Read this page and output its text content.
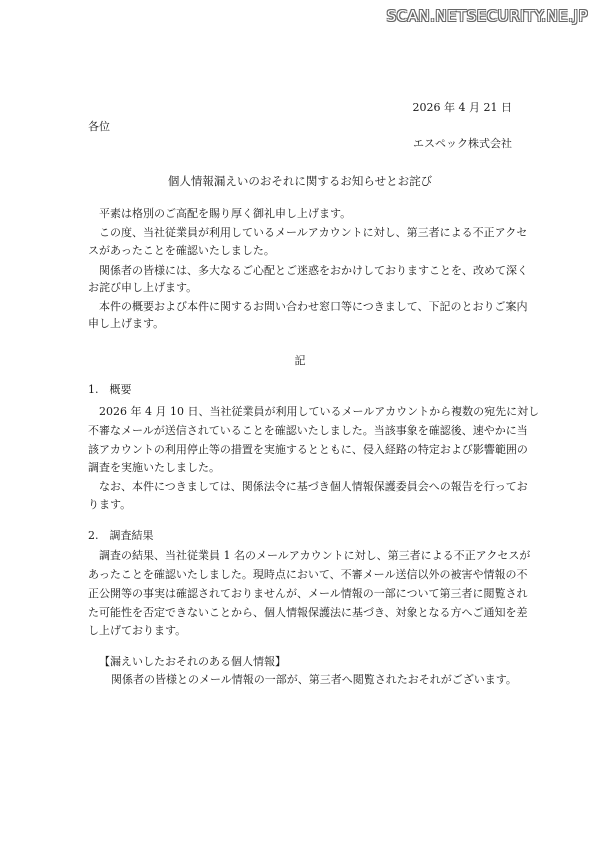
SCAN.NETSECURITY.NE.JP
2026 年 4 月 21 日
各位
エスペック株式会社
個人情報漏えいのおそれに関するお知らせとお詫び
平素は格別のご高配を賜り厚く御礼申し上げます。
この度、当社従業員が利用しているメールアカウントに対し、第三者による不正アクセ
スがあったことを確認いたしました。
関係者の皆様には、多大なるご心配とご迷惑をおかけしておりますことを、改めて深く
お詫び申し上げます。
本件の概要および本件に関するお問い合わせ窓口等につきまして、下記のとおりご案内
申し上げます。
記
1.　概要
2026 年 4 月 10 日、当社従業員が利用しているメールアカウントから複数の宛先に対し
不審なメールが送信されていることを確認いたしました。当該事象を確認後、速やかに当
該アカウントの利用停止等の措置を実施するとともに、侵入経路の特定および影響範囲の
調査を実施いたしました。
なお、本件につきましては、関係法令に基づき個人情報保護委員会への報告を行ってお
ります。
2.　調査結果
調査の結果、当社従業員 1 名のメールアカウントに対し、第三者による不正アクセスが
あったことを確認いたしました。現時点において、不審メール送信以外の被害や情報の不
正公開等の事実は確認されておりませんが、メール情報の一部について第三者に閲覧され
た可能性を否定できないことから、個人情報保護法に基づき、対象となる方へご通知を差
し上げております。
【漏えいしたおそれのある個人情報】
関係者の皆様とのメール情報の一部が、第三者へ閲覧されたおそれがございます。
